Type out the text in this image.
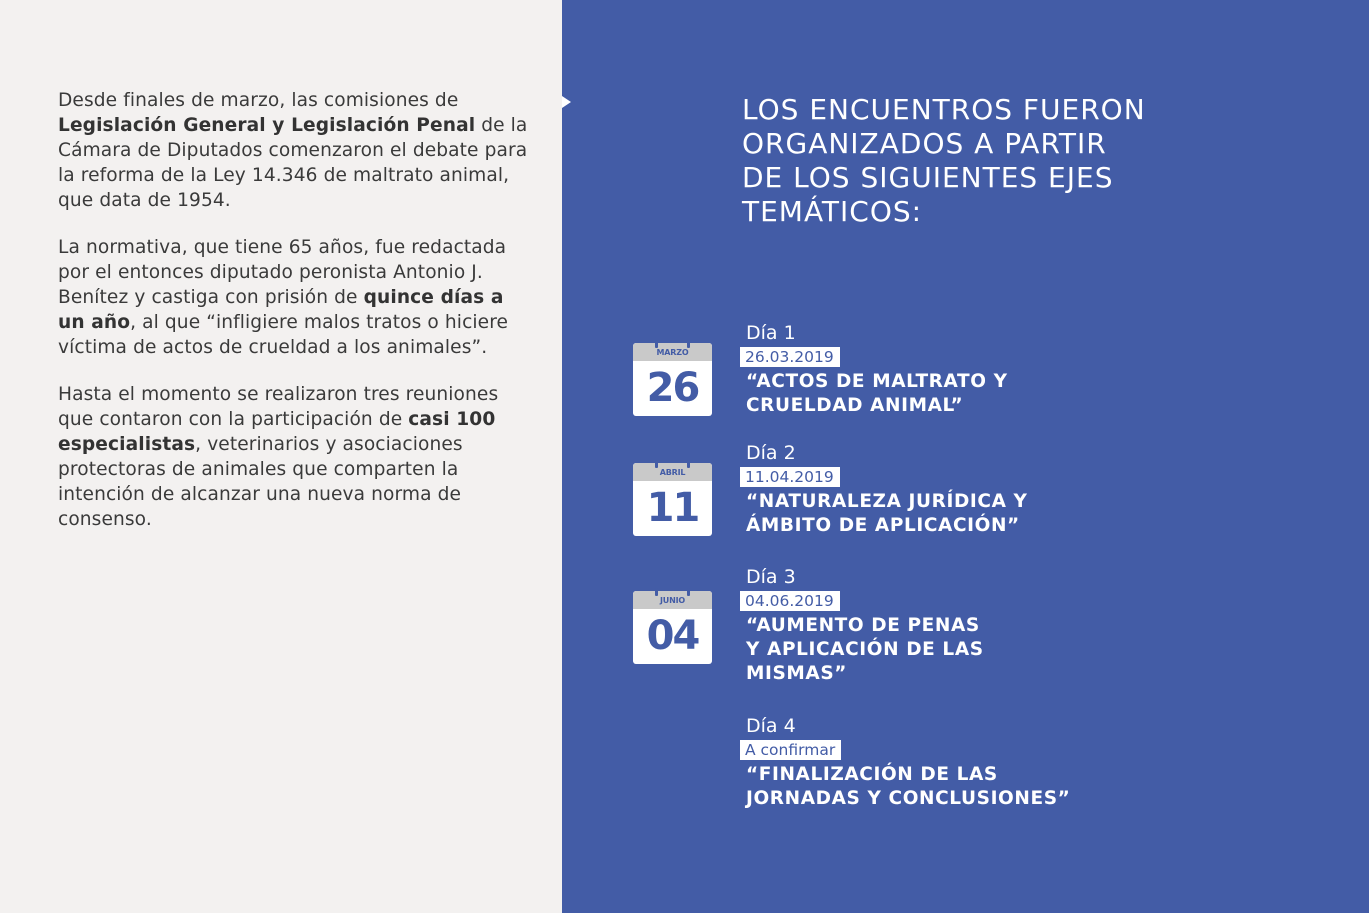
Desde finales de marzo, las comisiones de Legislación General y Legislación Penal de la Cámara de Diputados comenzaron el debate para la reforma de la Ley 14.346 de maltrato animal, que data de 1954.

La normativa, que tiene 65 años, fue redactada por el entonces diputado peronista Antonio J. Benítez y castiga con prisión de quince días a un año, al que “infligiere malos tratos o hiciere víctima de actos de crueldad a los animales”.

Hasta el momento se realizaron tres reuniones que contaron con la participación de casi 100 especialistas, veterinarios y asociaciones protectoras de animales que comparten la intención de alcanzar una nueva norma de consenso.

LOS ENCUENTROS FUERON
ORGANIZADOS A PARTIR
DE LOS SIGUIENTES EJES
TEMÁTICOS:
MARZO
26
Día 1
26.03.2019
“ACTOS DE MALTRATO Y
CRUELDAD ANIMAL”
ABRIL
11
Día 2
11.04.2019
“NATURALEZA JURÍDICA Y
ÁMBITO DE APLICACIÓN”
JUNIO
04
Día 3
04.06.2019
“AUMENTO DE PENAS
Y APLICACIÓN DE LAS
MISMAS”
Día 4
A confirmar
“FINALIZACIÓN DE LAS
JORNADAS Y CONCLUSIONES”
